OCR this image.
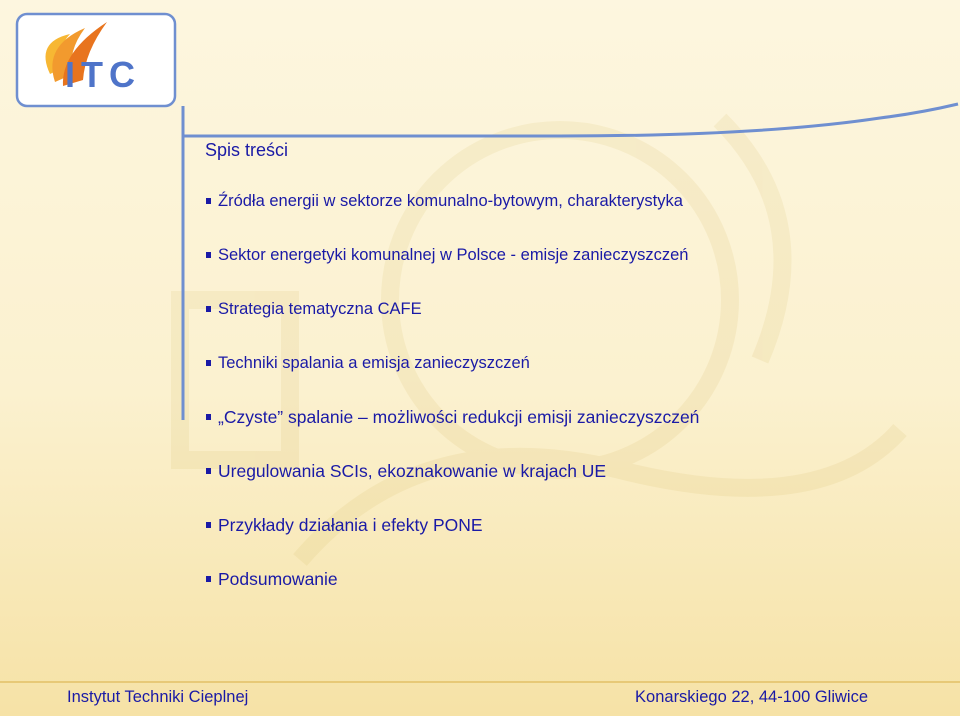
ITC
Spis treści
Źródła energii w sektorze komunalno-bytowym, charakterystyka
Sektor energetyki komunalnej w Polsce - emisje zanieczyszczeń
Strategia tematyczna CAFE
Techniki spalania a emisja zanieczyszczeń
„Czyste” spalanie – możliwości redukcji emisji zanieczyszczeń
Uregulowania SCIs, ekoznakowanie w krajach UE
Przykłady działania i efekty PONE
Podsumowanie
Instytut Techniki Cieplnej	Konarskiego 22, 44-100 Gliwice
